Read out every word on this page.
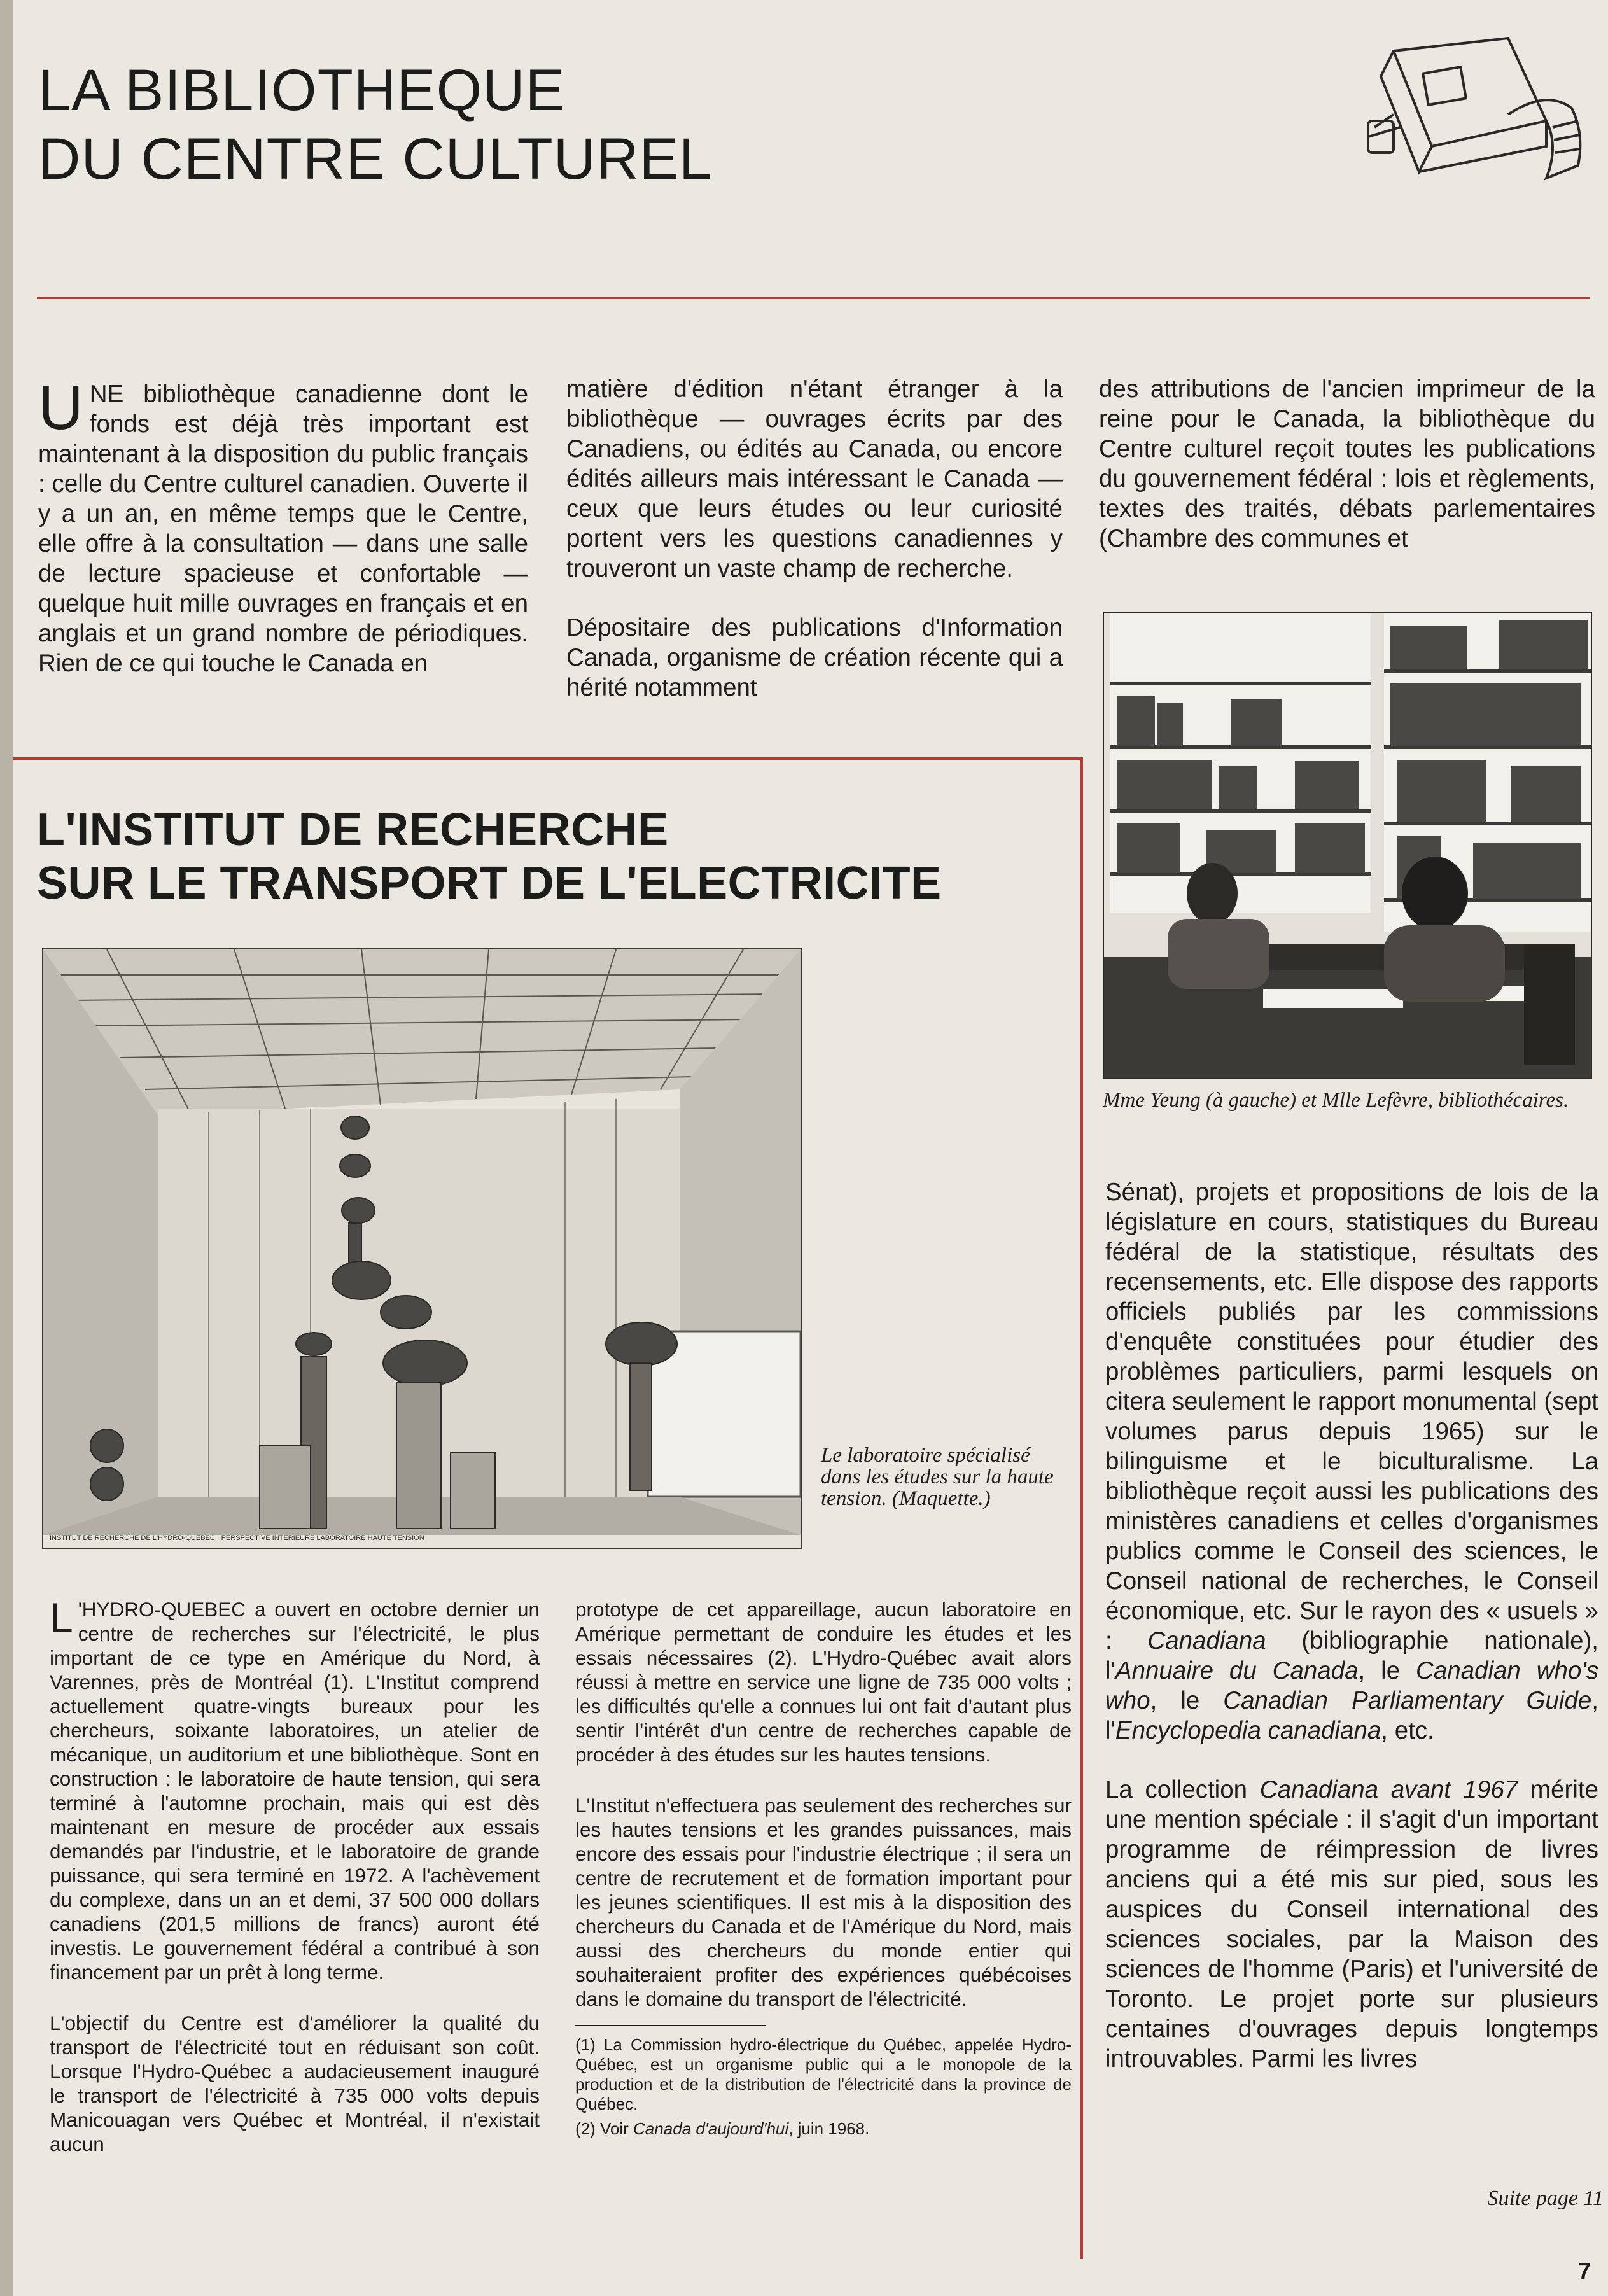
LA BIBLIOTHEQUE
DU CENTRE CULTUREL

UNE bibliothèque canadienne dont le fonds est déjà très important est maintenant à la disposition du public français : celle du Centre culturel canadien. Ouverte il y a un an, en même temps que le Centre, elle offre à la consultation — dans une salle de lecture spacieuse et confortable — quelque huit mille ouvrages en français et en anglais et un grand nombre de périodiques. Rien de ce qui touche le Canada en

matière d'édition n'étant étranger à la bibliothèque — ouvrages écrits par des Canadiens, ou édités au Canada, ou encore édités ailleurs mais intéressant le Canada — ceux que leurs études ou leur curiosité portent vers les questions canadiennes y trouveront un vaste champ de recherche.

Dépositaire des publications d'Information Canada, organisme de création récente qui a hérité notamment

des attributions de l'ancien imprimeur de la reine pour le Canada, la bibliothèque du Centre culturel reçoit toutes les publications du gouvernement fédéral : lois et règlements, textes des traités, débats parlementaires (Chambre des communes et

Mme Yeung (à gauche) et Mlle Lefèvre, bibliothécaires.

Sénat), projets et propositions de lois de la législature en cours, statistiques du Bureau fédéral de la statistique, résultats des recensements, etc. Elle dispose des rapports officiels publiés par les commissions d'enquête constituées pour étudier des problèmes particuliers, parmi lesquels on citera seulement le rapport monumental (sept volumes parus depuis 1965) sur le bilinguisme et le biculturalisme. La bibliothèque reçoit aussi les publications des ministères canadiens et celles d'organismes publics comme le Conseil des sciences, le Conseil national de recherches, le Conseil économique, etc. Sur le rayon des « usuels » : Canadiana (bibliographie nationale), l'Annuaire du Canada, le Canadian who's who, le Canadian Parliamentary Guide, l'Encyclopedia canadiana, etc.

La collection Canadiana avant 1967 mérite une mention spéciale : il s'agit d'un important programme de réimpression de livres anciens qui a été mis sur pied, sous les auspices du Conseil international des sciences sociales, par la Maison des sciences de l'homme (Paris) et l'université de Toronto. Le projet porte sur plusieurs centaines d'ouvrages depuis longtemps introuvables. Parmi les livres

Suite page 11
L'INSTITUT DE RECHERCHE
SUR LE TRANSPORT DE L'ELECTRICITE
INSTITUT DE RECHERCHE DE L'HYDRO-QUEBEC · PERSPECTIVE INTERIEURE LABORATOIRE HAUTE TENSION

Le laboratoire spécialisé dans les études sur la haute tension. (Maquette.)

L 'HYDRO-QUEBEC a ouvert en octobre dernier un centre de recherches sur l'électricité, le plus important de ce type en Amérique du Nord, à Varennes, près de Montréal (1). L'Institut comprend actuellement quatre-vingts bureaux pour les chercheurs, soixante laboratoires, un atelier de mécanique, un auditorium et une bibliothèque. Sont en construction : le laboratoire de haute tension, qui sera terminé à l'automne prochain, mais qui est dès maintenant en mesure de procéder aux essais demandés par l'industrie, et le laboratoire de grande puissance, qui sera terminé en 1972. A l'achèvement du complexe, dans un an et demi, 37 500 000 dollars canadiens (201,5 millions de francs) auront été investis. Le gouvernement fédéral a contribué à son financement par un prêt à long terme.

L'objectif du Centre est d'améliorer la qualité du transport de l'électricité tout en réduisant son coût. Lorsque l'Hydro-Québec a audacieusement inauguré le transport de l'électricité à 735 000 volts depuis Manicouagan vers Québec et Montréal, il n'existait aucun

prototype de cet appareillage, aucun laboratoire en Amérique permettant de conduire les études et les essais nécessaires (2). L'Hydro-Québec avait alors réussi à mettre en service une ligne de 735 000 volts ; les difficultés qu'elle a connues lui ont fait d'autant plus sentir l'intérêt d'un centre de recherches capable de procéder à des études sur les hautes tensions.

L'Institut n'effectuera pas seulement des recherches sur les hautes tensions et les grandes puissances, mais encore des essais pour l'industrie électrique ; il sera un centre de recrutement et de formation important pour les jeunes scientifiques. Il est mis à la disposition des chercheurs du Canada et de l'Amérique du Nord, mais aussi des chercheurs du monde entier qui souhaiteraient profiter des expériences québécoises dans le domaine du transport de l'électricité.

(1) La Commission hydro-électrique du Québec, appelée Hydro-Québec, est un organisme public qui a le monopole de la production et de la distribution de l'électricité dans la province de Québec.

(2) Voir Canada d'aujourd'hui, juin 1968.

7
